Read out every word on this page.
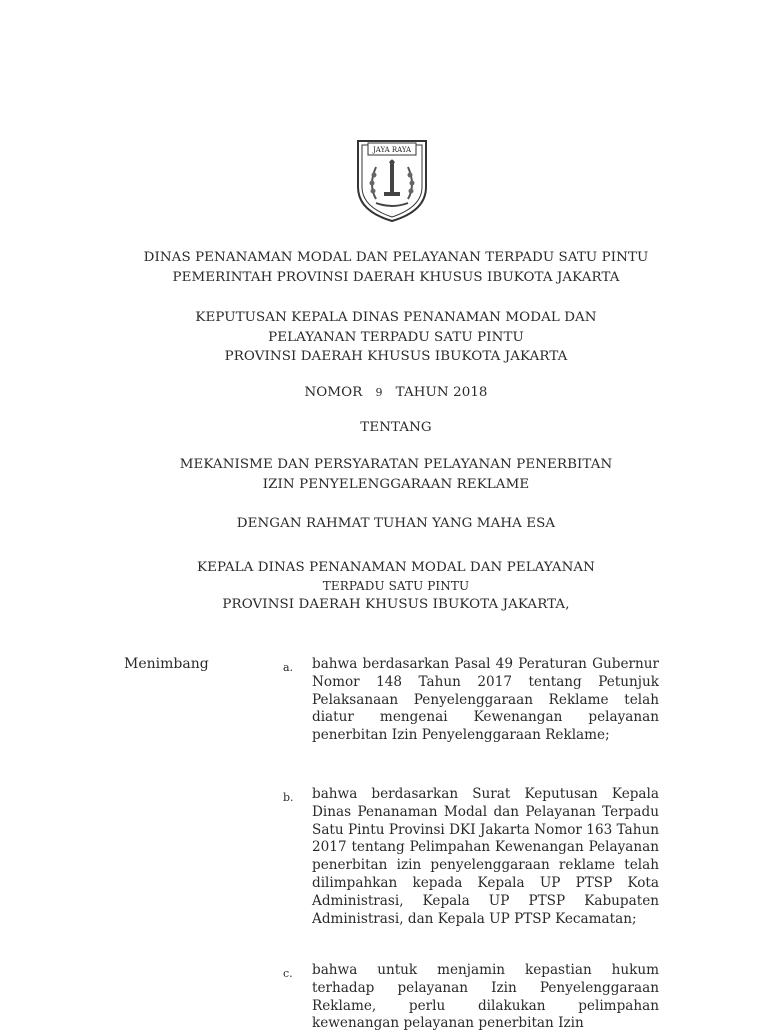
JAYA RAYA
DINAS PENANAMAN MODAL DAN PELAYANAN TERPADU SATU PINTU
PEMERINTAH PROVINSI DAERAH KHUSUS IBUKOTA JAKARTA
KEPUTUSAN KEPALA DINAS PENANAMAN MODAL DAN
PELAYANAN TERPADU SATU PINTU
PROVINSI DAERAH KHUSUS IBUKOTA JAKARTA
NOMOR 9 TAHUN 2018
TENTANG
MEKANISME DAN PERSYARATAN PELAYANAN PENERBITAN
IZIN PENYELENGGARAAN REKLAME
DENGAN RAHMAT TUHAN YANG MAHA ESA
KEPALA DINAS PENANAMAN MODAL DAN PELAYANAN
TERPADU SATU PINTU
PROVINSI DAERAH KHUSUS IBUKOTA JAKARTA,
Menimbang	a. bahwa berdasarkan Pasal 49 Peraturan Gubernur Nomor 148 Tahun 2017 tentang Petunjuk Pelaksanaan Penyelenggaraan Reklame telah diatur mengenai Kewenangan pelayanan penerbitan Izin Penyelenggaraan Reklame;

b. bahwa berdasarkan Surat Keputusan Kepala Dinas Penanaman Modal dan Pelayanan Terpadu Satu Pintu Provinsi DKI Jakarta Nomor 163 Tahun 2017 tentang Pelimpahan Kewenangan Pelayanan penerbitan izin penyelenggaraan reklame telah dilimpahkan kepada Kepala UP PTSP Kota Administrasi, Kepala UP PTSP Kabupaten Administrasi, dan Kepala UP PTSP Kecamatan;

c. bahwa untuk menjamin kepastian hukum terhadap pelayanan Izin Penyelenggaraan Reklame, perlu dilakukan pelimpahan kewenangan pelayanan penerbitan Izin
